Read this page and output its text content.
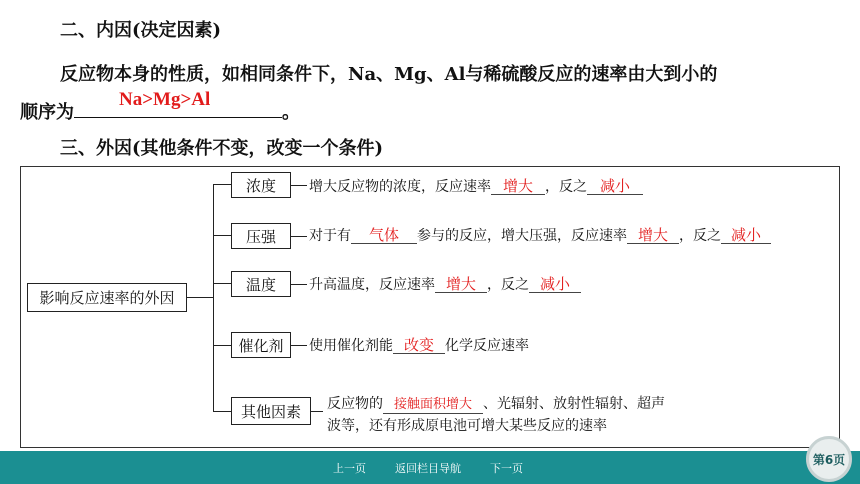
二、内因(决定因素)
反应物本身的性质，如相同条件下，Na、Mg、Al与稀硫酸反应的速率由大到小的
顺序为
Na>Mg>Al
。
三、外因(其他条件不变，改变一个条件)
影响反应速率的外因
浓度
压强
温度
催化剂
其他因素
增大反应物的浓度，反应速率 增大 ，反之 减小
对于有 气体 参与的反应，增大压强，反应速率 增大 ，反之 减小
升高温度，反应速率 增大 ，反之 减小
使用催化剂能 改变 化学反应速率
反应物的 接触面积增大 、光辐射、放射性辐射、超声
波等，还有形成原电池可增大某些反应的速率
上一页	返回栏目导航	下一页
第6页
